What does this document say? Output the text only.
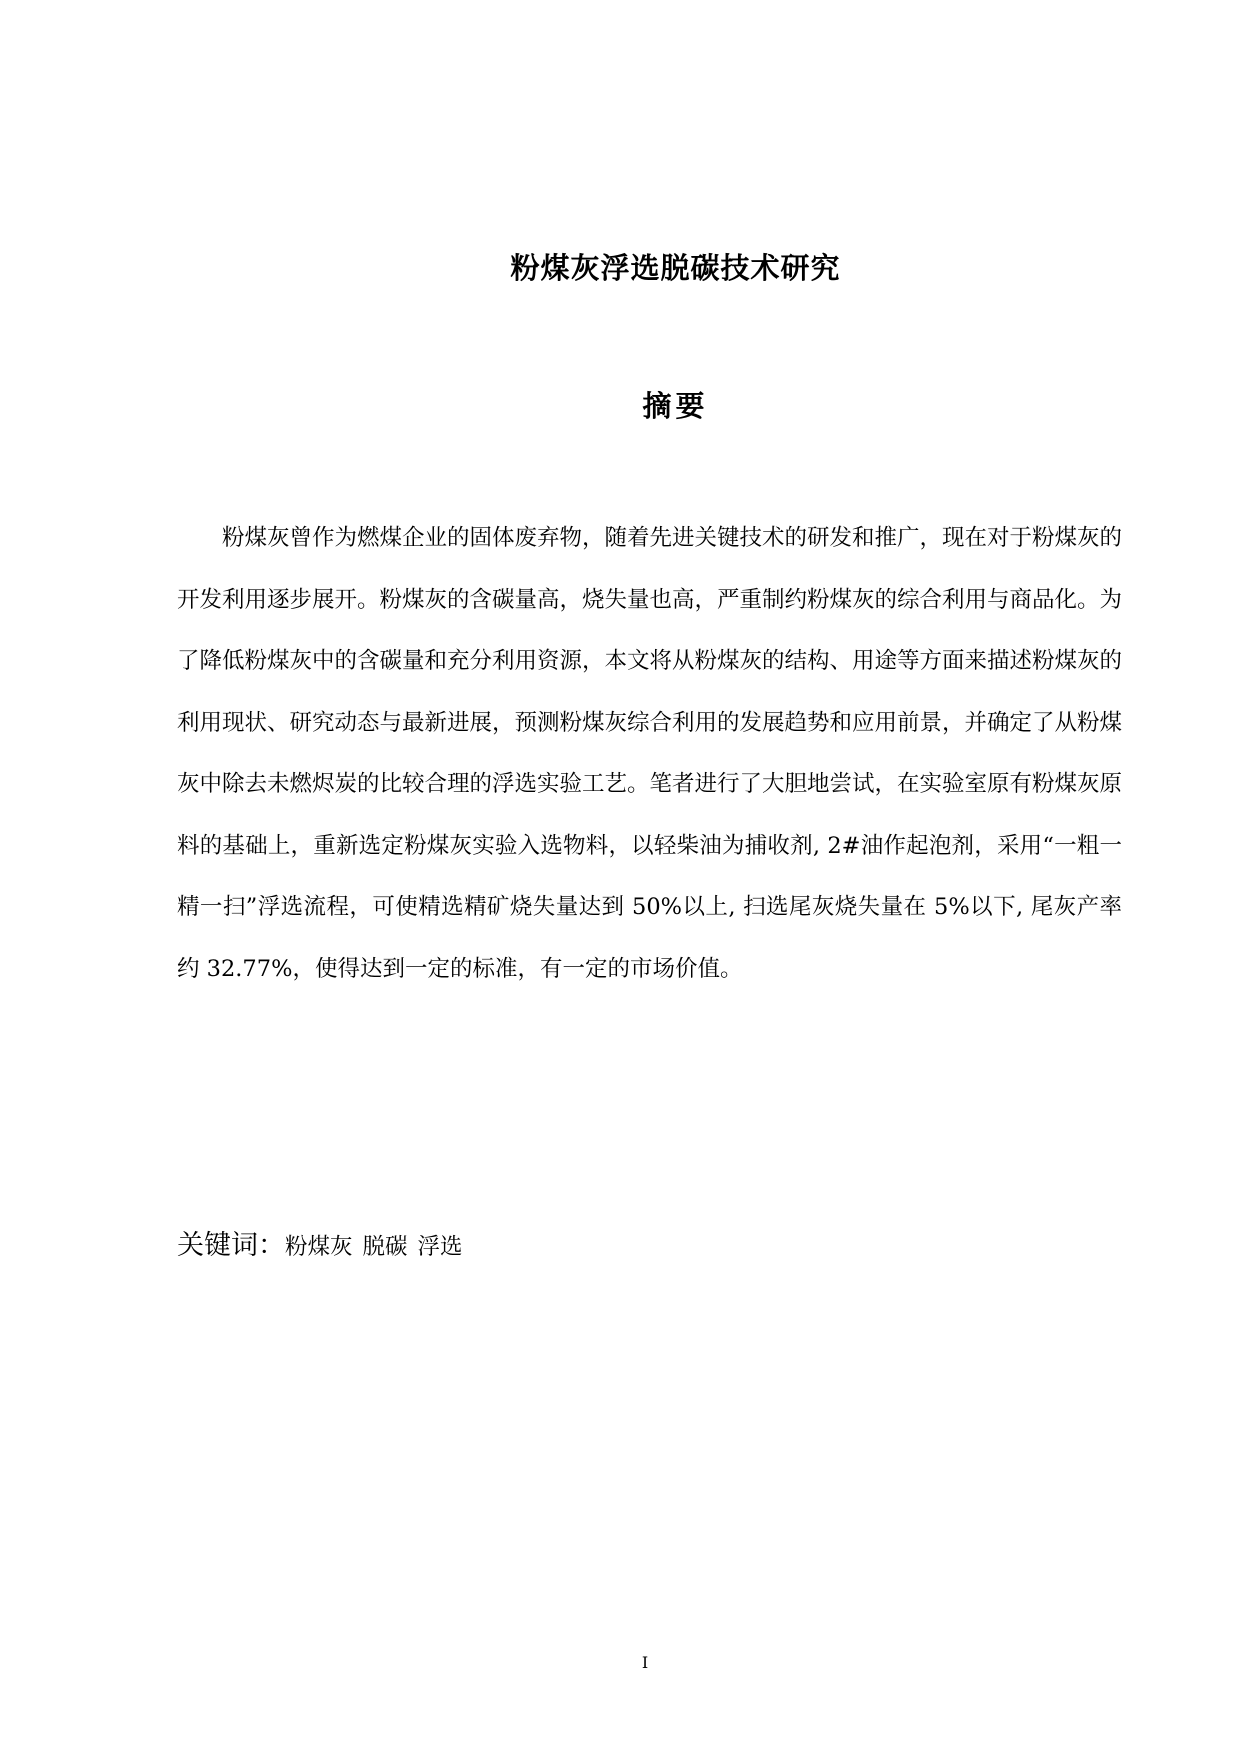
粉煤灰浮选脱碳技术研究
摘要

粉煤灰曾作为燃煤企业的固体废弃物，随着先进关键技术的研发和推广，现在对于粉煤灰的开发利用逐步展开。粉煤灰的含碳量高，烧失量也高，严重制约粉煤灰的综合利用与商品化。为了降低粉煤灰中的含碳量和充分利用资源，本文将从粉煤灰的结构、用途等方面来描述粉煤灰的利用现状、研究动态与最新进展，预测粉煤灰综合利用的发展趋势和应用前景，并确定了从粉煤灰中除去未燃烬炭的比较合理的浮选实验工艺。笔者进行了大胆地尝试，在实验室原有粉煤灰原料的基础上，重新选定粉煤灰实验入选物料，以轻柴油为捕收剂, 2#油作起泡剂，采用“一粗一精一扫”浮选流程，可使精选精矿烧失量达到 50%以上, 扫选尾灰烧失量在 5%以下, 尾灰产率约 32.77%，使得达到一定的标准，有一定的市场价值。

关键词：粉煤灰 脱碳 浮选

I
